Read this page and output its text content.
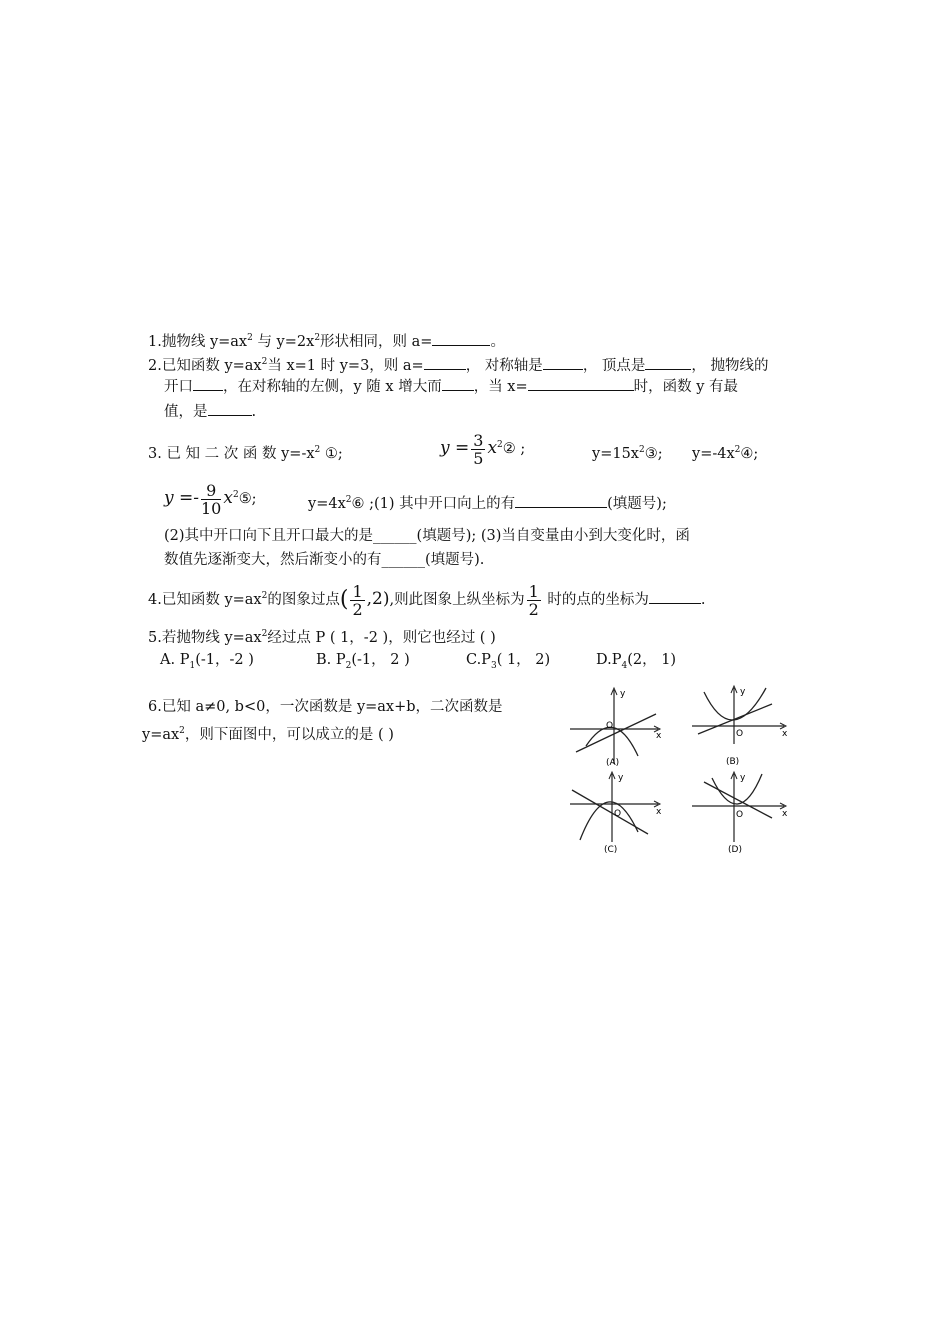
1.抛物线 $y=ax^2$ 与 $y=2x^2$形状相同，则 a=	。
2.已知函数 $y=ax^2$当 x=1 时 y=3，则 a=	， 对称轴是	， 顶点是	， 抛物线的
开口 ，在对称轴的左侧，y 随 x 增大而 ，当 x=	时，函数 y 有最
值，是	.
3. 已 知 二 次 函 数 $y=-x^2$ ①;	$y = \frac{3}{5}$ $x^2②$ ;	$y=15x^2③$; $y=-4x^2④$;
$y =- \frac{9}{10}$ $x^2⑤$;	$y=4x^2⑥$ ;(1) 其中开口向上的有	(填题号);
(2)其中开口向下且开口最大的是______(填题号); (3)当自变量由小到大变化时，函
数值先逐渐变大，然后渐变小的有______(填题号).
4.已知函数 $y=ax^2$的图象过点( $\frac{1}{2} ,2$),则此图象上纵坐标为 $\frac{1}{2}$ 时的点的坐标为	.
5.若抛物线 $y=ax^2$经过点 P ( 1，-2 )，则它也经过 ( )
A. $P_1(-1$，-2 )	B. $P_2(-1$， 2 )	$C.P_3$( 1， 2)	$D.P_4(2$， 1)
6.已知 a≠0, b<0，一次函数是 y=ax+b，二次函数是
$y=ax^2$，则下面图中，可以成立的是 ( )
y
x
O
(A)
y
x
O
(B)
y
x
O
(C)
y
x
O
(D)
